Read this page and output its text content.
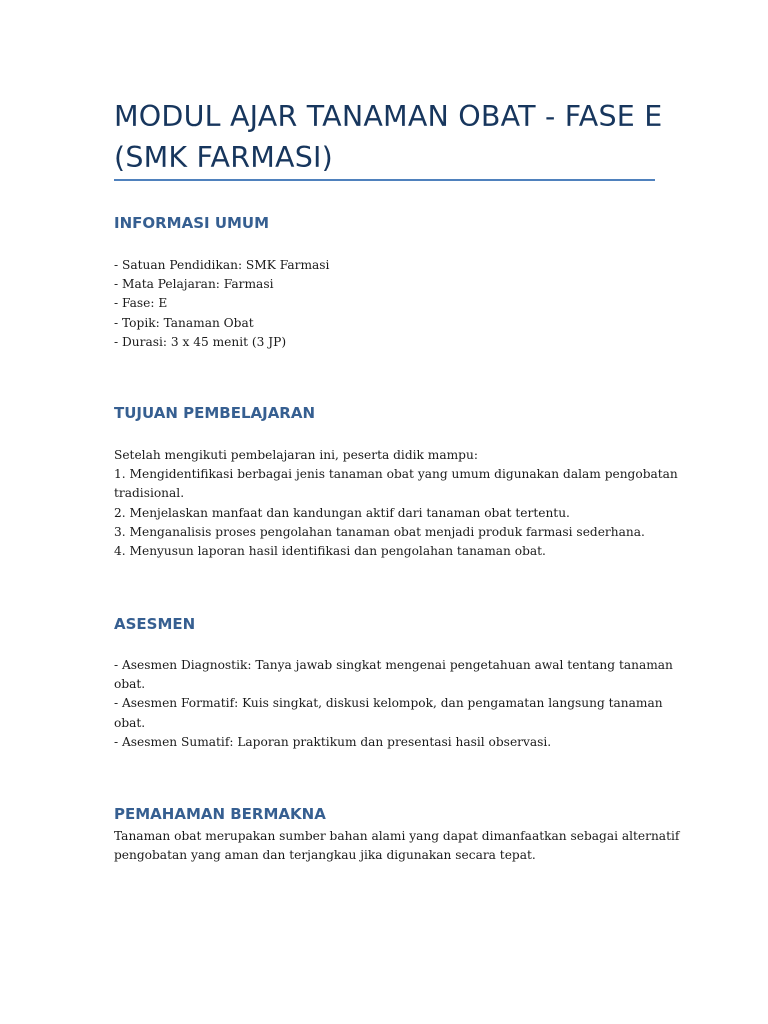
MODUL AJAR TANAMAN OBAT - FASE E
(SMK FARMASI)
INFORMASI UMUM
- Satuan Pendidikan: SMK Farmasi
- Mata Pelajaran: Farmasi
- Fase: E
- Topik: Tanaman Obat
- Durasi: 3 x 45 menit (3 JP)
TUJUAN PEMBELAJARAN
Setelah mengikuti pembelajaran ini, peserta didik mampu:
1. Mengidentifikasi berbagai jenis tanaman obat yang umum digunakan dalam pengobatan
tradisional.
2. Menjelaskan manfaat dan kandungan aktif dari tanaman obat tertentu.
3. Menganalisis proses pengolahan tanaman obat menjadi produk farmasi sederhana.
4. Menyusun laporan hasil identifikasi dan pengolahan tanaman obat.
ASESMEN
- Asesmen Diagnostik: Tanya jawab singkat mengenai pengetahuan awal tentang tanaman
obat.
- Asesmen Formatif: Kuis singkat, diskusi kelompok, dan pengamatan langsung tanaman
obat.
- Asesmen Sumatif: Laporan praktikum dan presentasi hasil observasi.
PEMAHAMAN BERMAKNA
Tanaman obat merupakan sumber bahan alami yang dapat dimanfaatkan sebagai alternatif
pengobatan yang aman dan terjangkau jika digunakan secara tepat.
